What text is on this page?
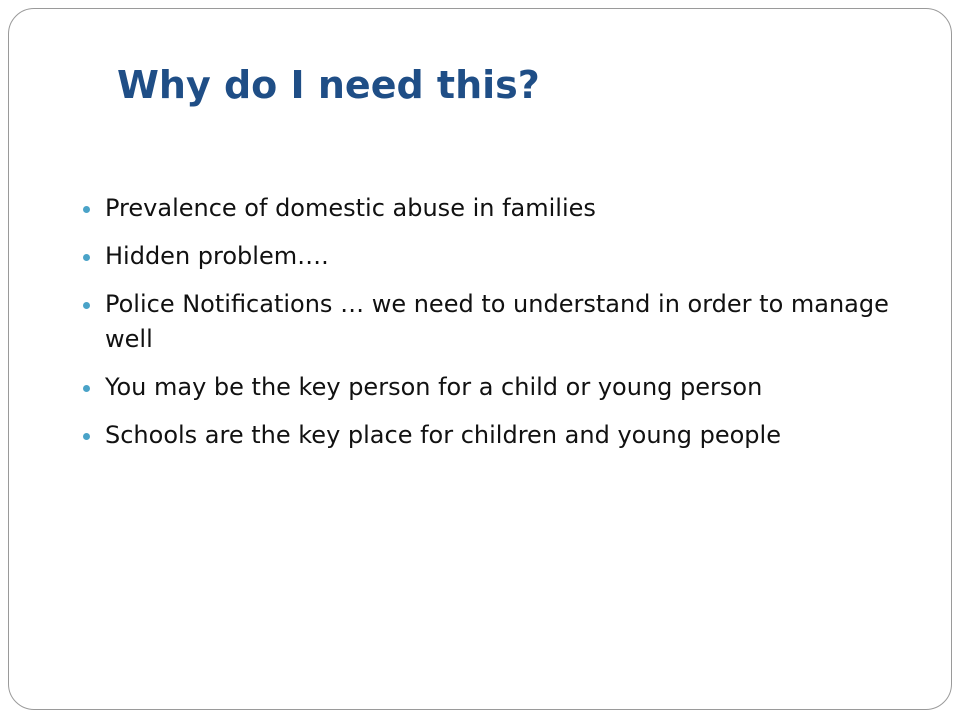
Why do I need this?
Prevalence of domestic abuse in families
Hidden problem….
Police Notifications … we need to understand in order to manage well
You may be the key person for a child or young person
Schools are the key place for children and young people
